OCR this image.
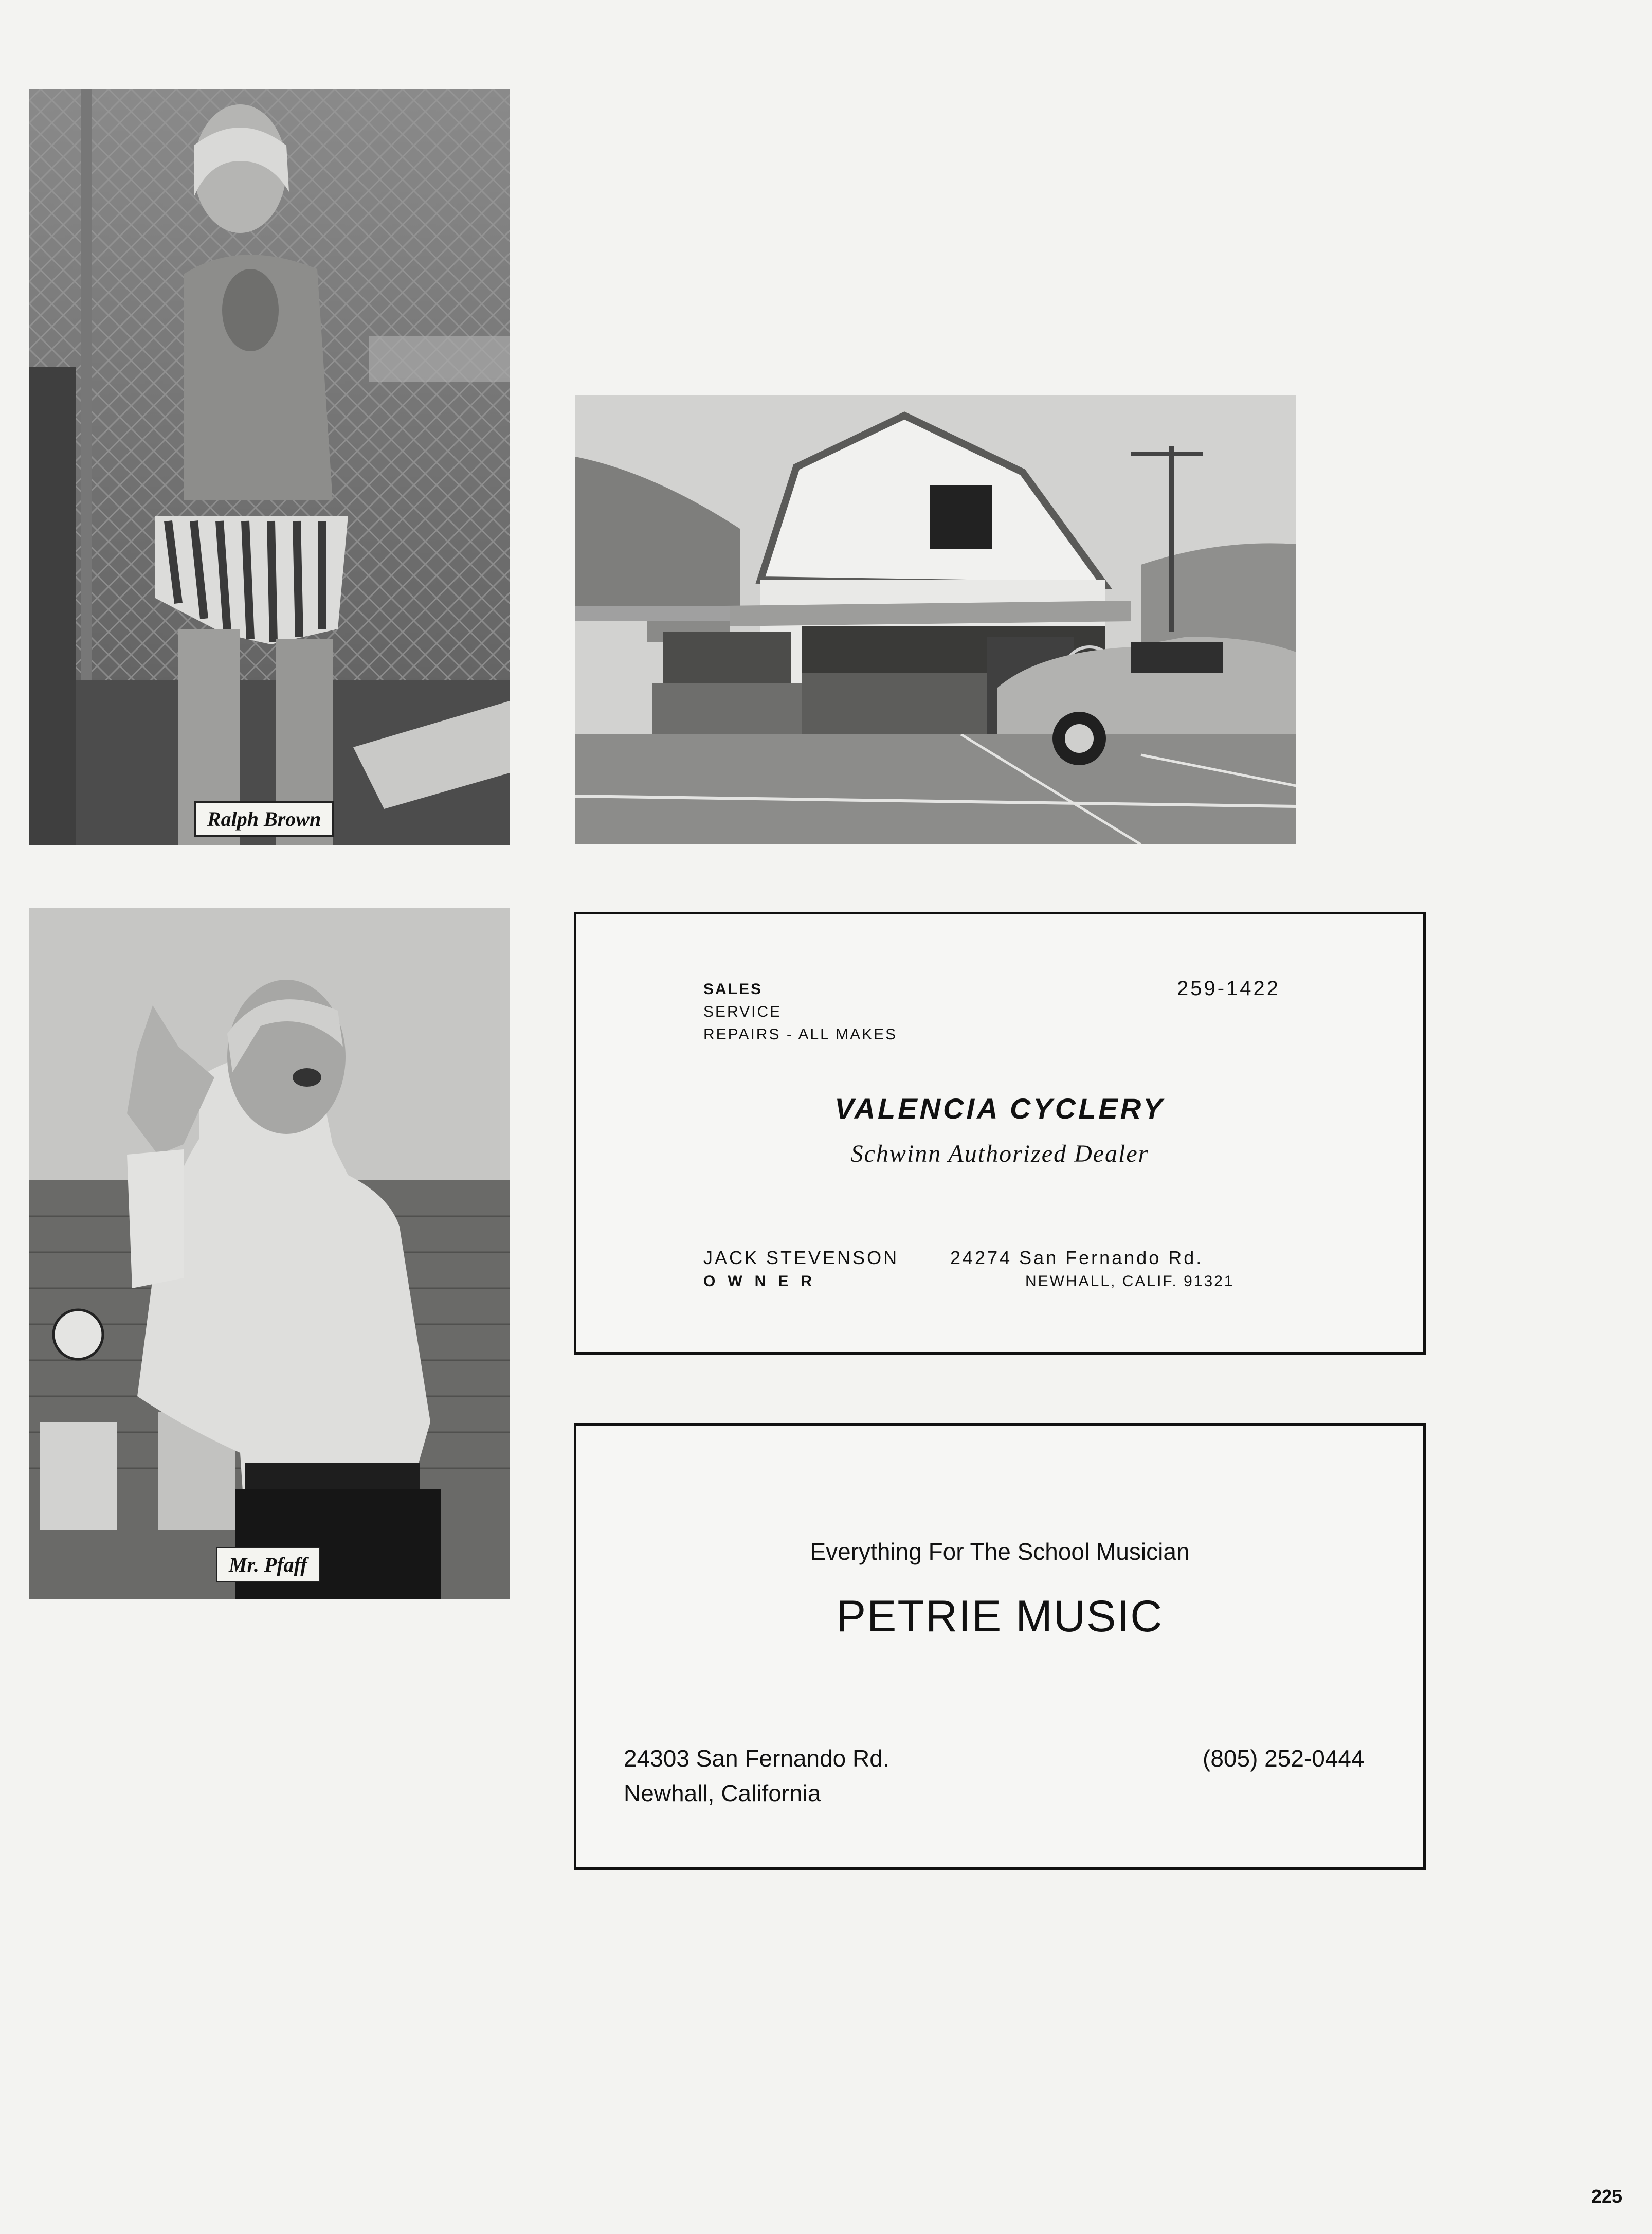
Ralph Brown
Mr. Pfaff
SALES
SERVICE
REPAIRS - ALL MAKES
259-1422
VALENCIA CYCLERY
Schwinn Authorized Dealer
JACK STEVENSON	24274 San Fernando Rd.
OWNER	NEWHALL, CALIF. 91321
Everything For The School Musician
PETRIE MUSIC
24303 San Fernando Rd.
Newhall, California
(805) 252-0444
225
